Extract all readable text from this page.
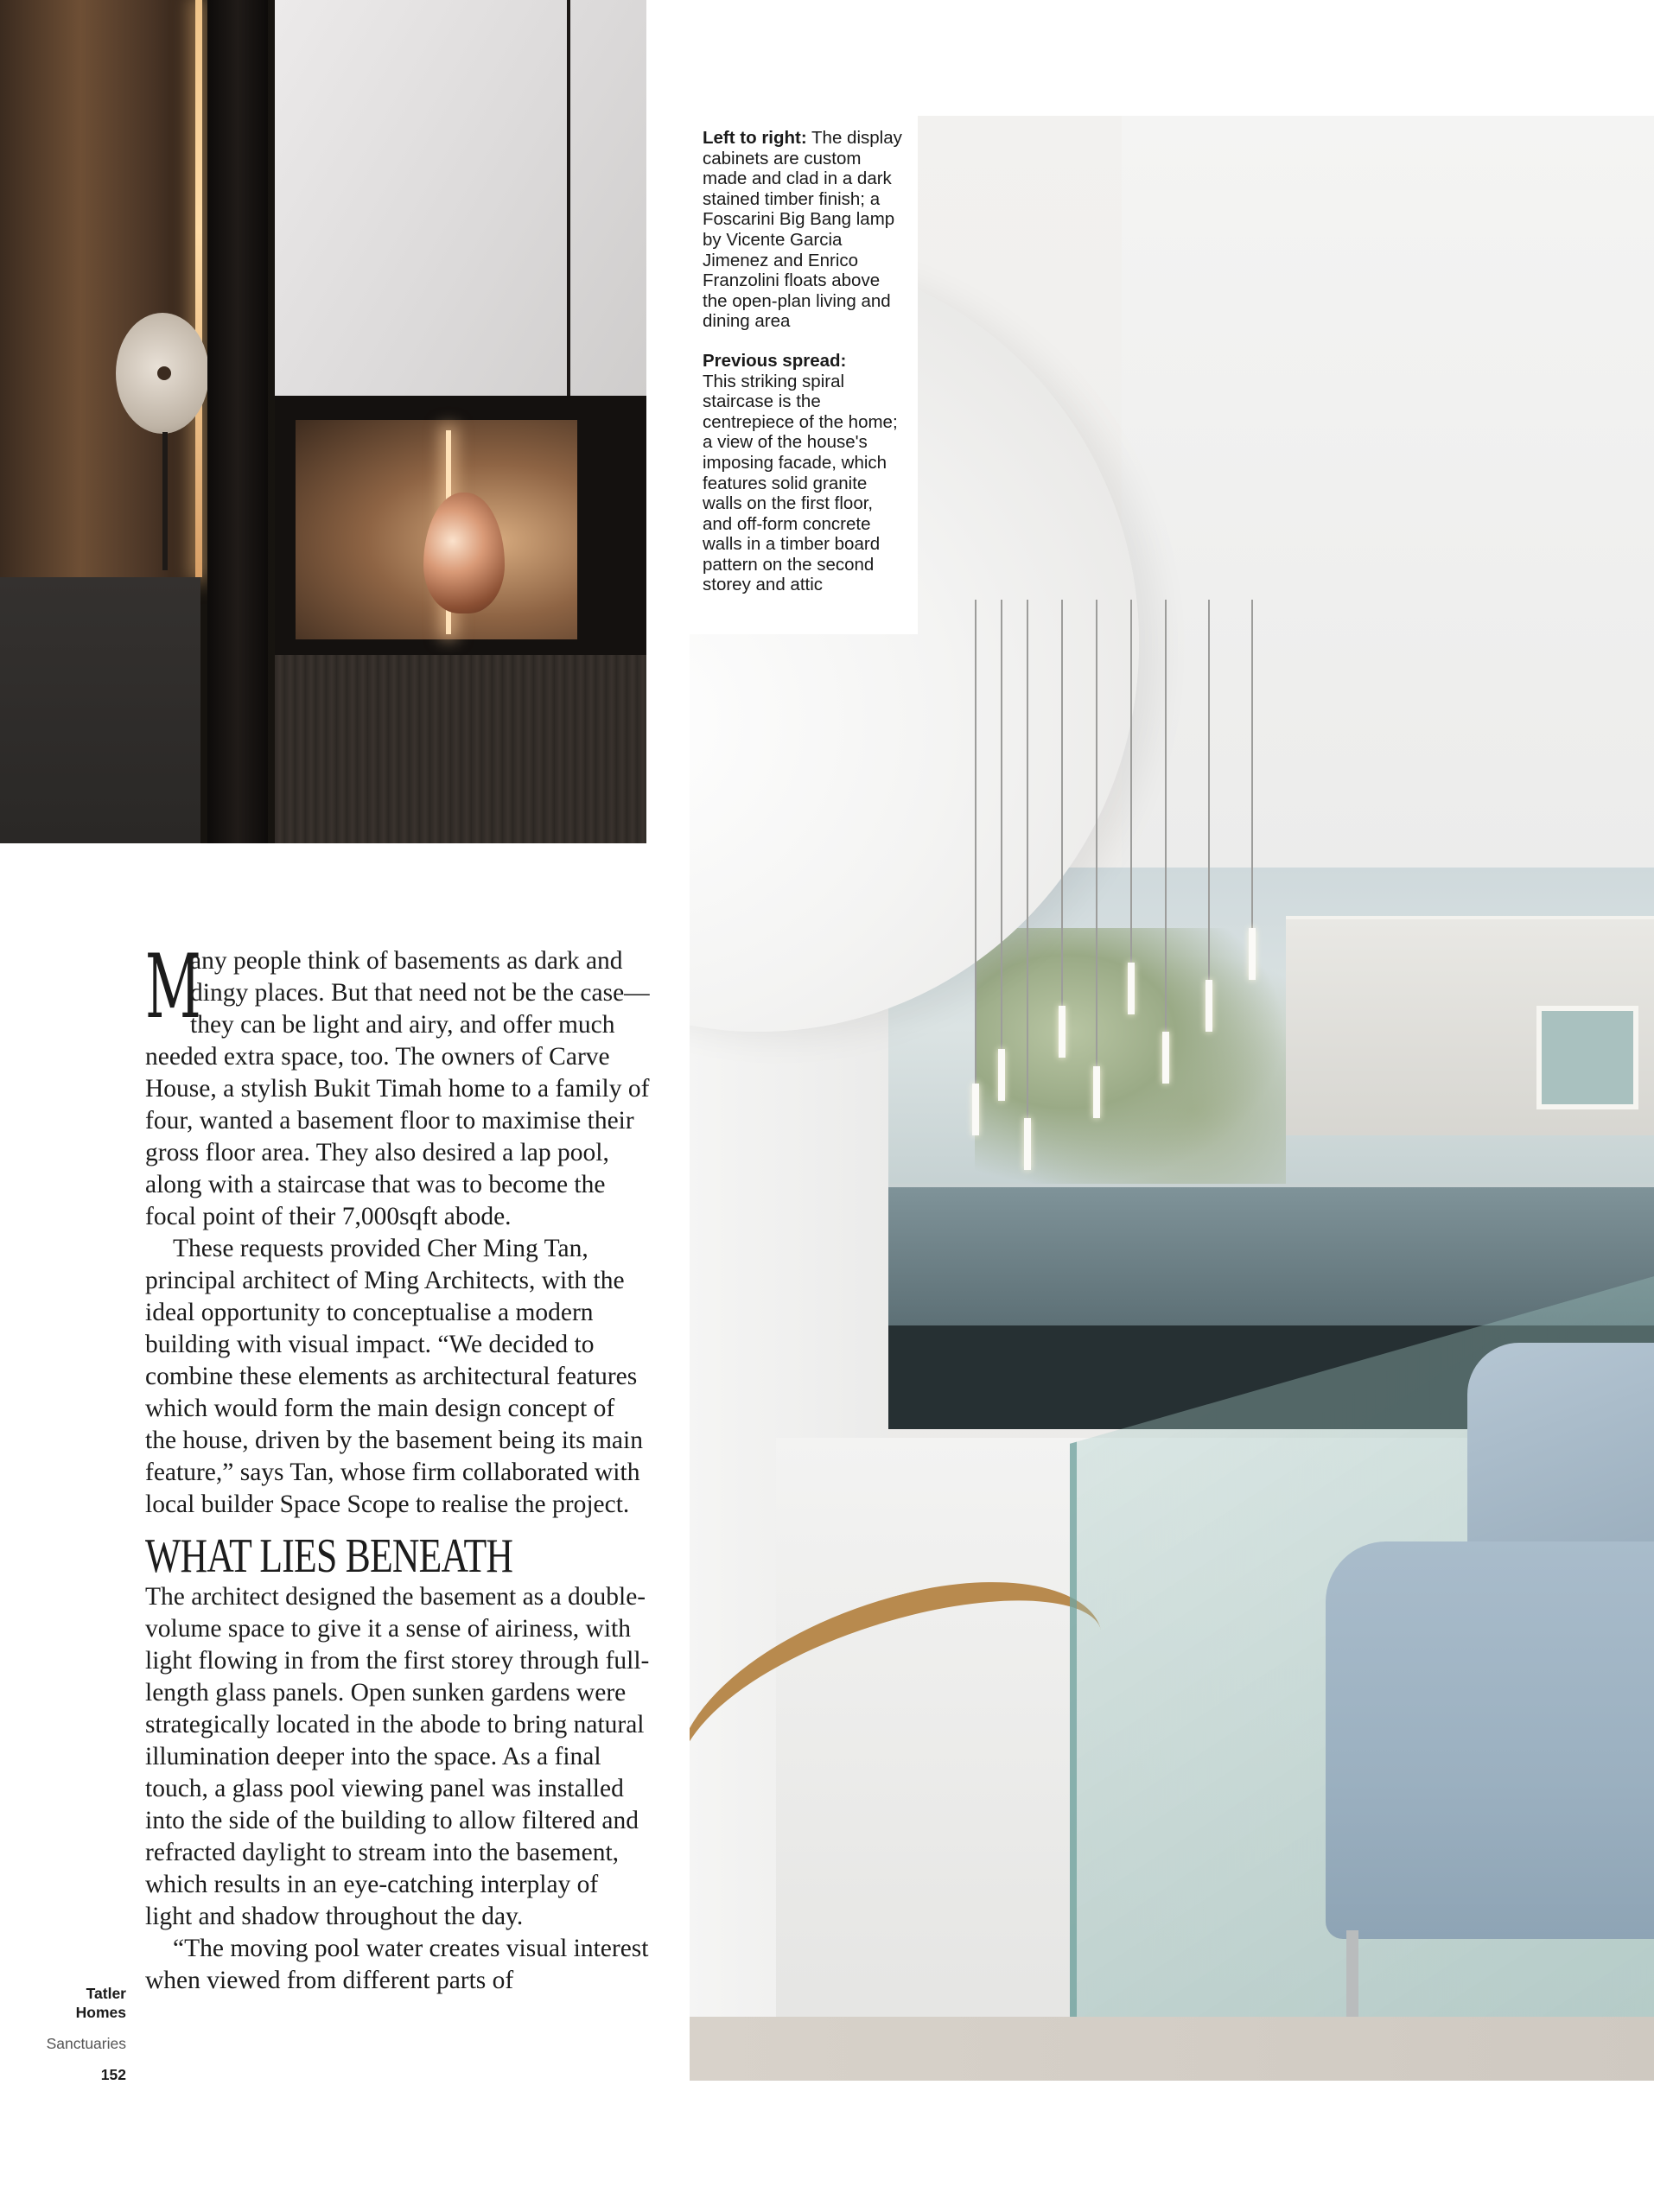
Left to right: The display cabinets are custom made and clad in a dark stained timber finish; a Foscarini Big Bang lamp by Vicente Garcia Jimenez and Enrico Franzolini floats above the open-plan living and dining area

Previous spread:
This striking spiral staircase is the centrepiece of the home; a view of the house's imposing facade, which features solid granite walls on the first floor, and off-form concrete walls in a timber board pattern on the second storey and attic

M
any people think of basements as dark and dingy places. But that need not be the case—they can be light and airy, and offer much needed extra space, too. The owners of Carve House, a stylish Bukit Timah home to a family of four, wanted a basement floor to maximise their gross floor area. They also desired a lap pool, along with a staircase that was to become the focal point of their 7,000sqft abode.

These requests provided Cher Ming Tan, principal architect of Ming Architects, with the ideal opportunity to conceptualise a modern building with visual impact. “We decided to combine these elements as architectural features which would form the main design concept of the house, driven by the basement being its main feature,” says Tan, whose firm collaborated with local builder Space Scope to realise the project.

WHAT LIES BENEATH

The architect designed the basement as a double-volume space to give it a sense of airiness, with light flowing in from the first storey through full-length glass panels. Open sunken gardens were strategically located in the abode to bring natural illumination deeper into the space. As a final touch, a glass pool viewing panel was installed into the side of the building to allow filtered and refracted daylight to stream into the basement, which results in an eye-catching interplay of light and shadow throughout the day.

“The moving pool water creates visual interest when viewed from different parts of

Tatler
Homes
Sanctuaries
152
